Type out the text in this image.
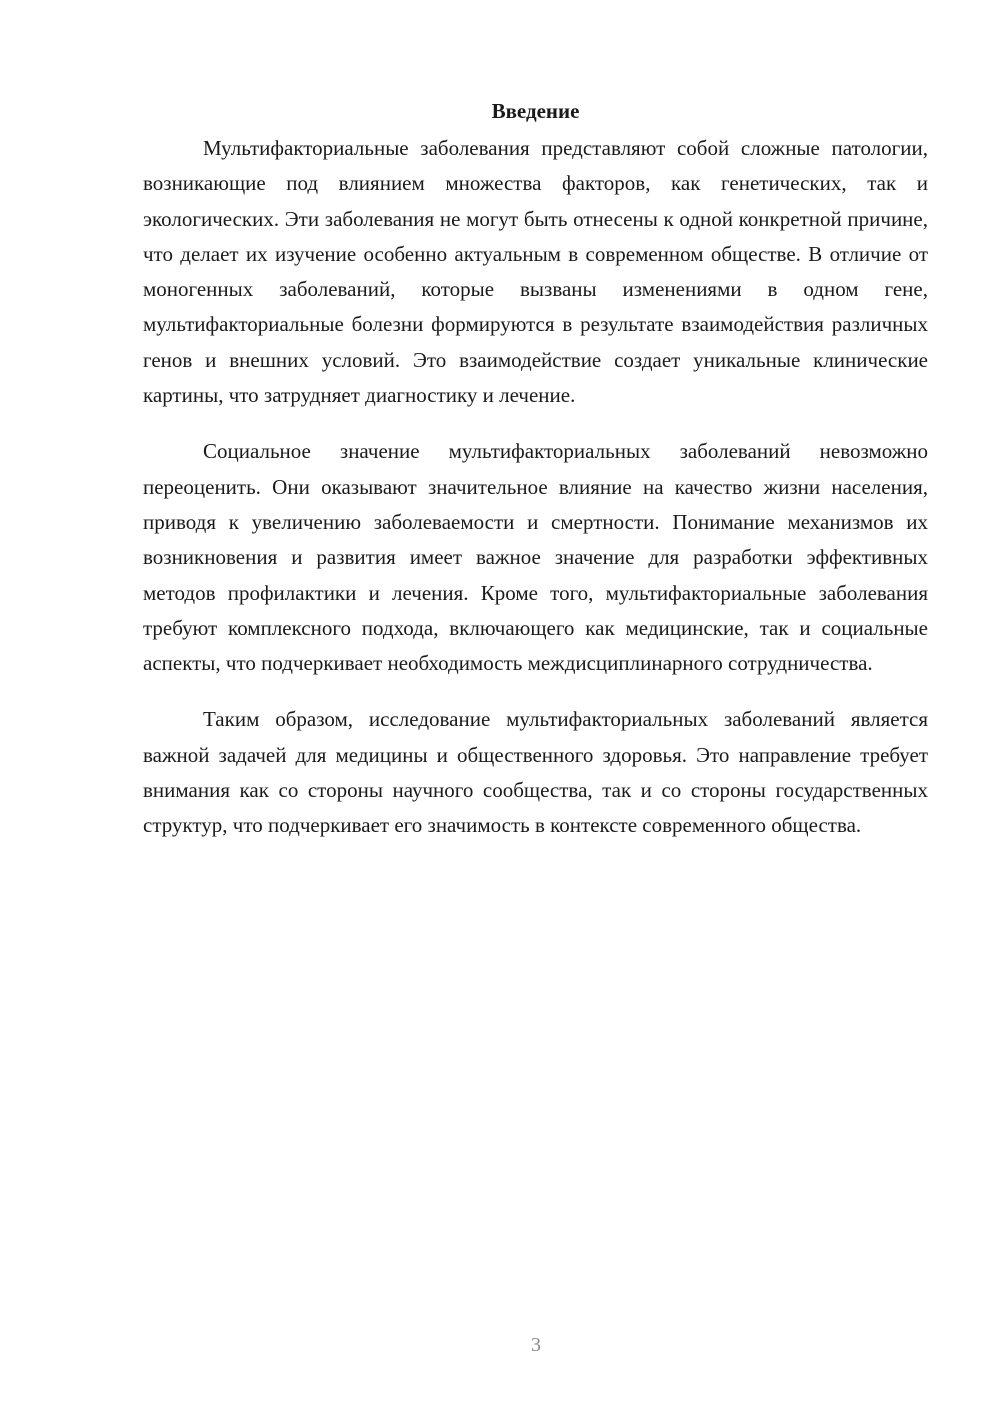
Введение

Мультифакториальные заболевания представляют собой сложные патологии, возникающие под влиянием множества факторов, как генетических, так и экологических. Эти заболевания не могут быть отнесены к одной конкретной причине, что делает их изучение особенно актуальным в современном обществе. В отличие от моногенных заболеваний, которые вызваны изменениями в одном гене, мультифакториальные болезни формируются в результате взаимодействия различных генов и внешних условий. Это взаимодействие создает уникальные клинические картины, что затрудняет диагностику и лечение.

Социальное значение мультифакториальных заболеваний невозможно переоценить. Они оказывают значительное влияние на качество жизни населения, приводя к увеличению заболеваемости и смертности. Понимание механизмов их возникновения и развития имеет важное значение для разработки эффективных методов профилактики и лечения. Кроме того, мультифакториальные заболевания требуют комплексного подхода, включающего как медицинские, так и социальные аспекты, что подчеркивает необходимость междисциплинарного сотрудничества.

Таким образом, исследование мультифакториальных заболеваний является важной задачей для медицины и общественного здоровья. Это направление требует внимания как со стороны научного сообщества, так и со стороны государственных структур, что подчеркивает его значимость в контексте современного общества.

3
